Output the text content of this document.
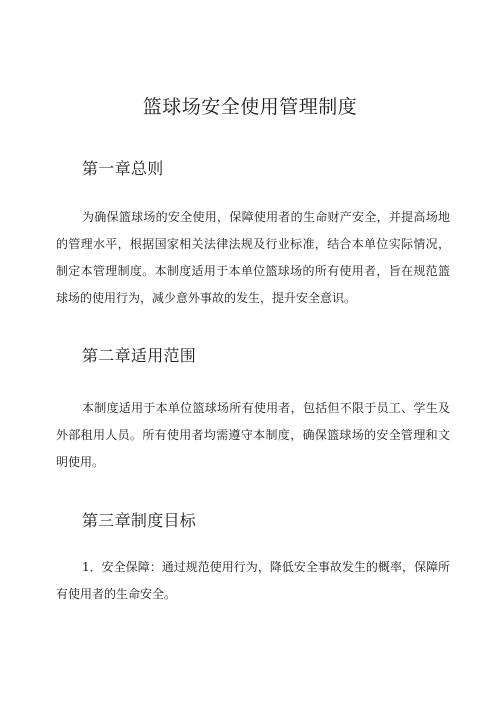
篮球场安全使用管理制度
第一章总则

为确保篮球场的安全使用，保障使用者的生命财产安全，并提高场地的管理水平，根据国家相关法律法规及行业标准，结合本单位实际情况，制定本管理制度。本制度适用于本单位篮球场的所有使用者，旨在规范篮球场的使用行为，减少意外事故的发生，提升安全意识。

第二章适用范围

本制度适用于本单位篮球场所有使用者，包括但不限于员工、学生及外部租用人员。所有使用者均需遵守本制度，确保篮球场的安全管理和文明使用。

第三章制度目标

1．安全保障：通过规范使用行为，降低安全事故发生的概率，保障所有使用者的生命安全。
